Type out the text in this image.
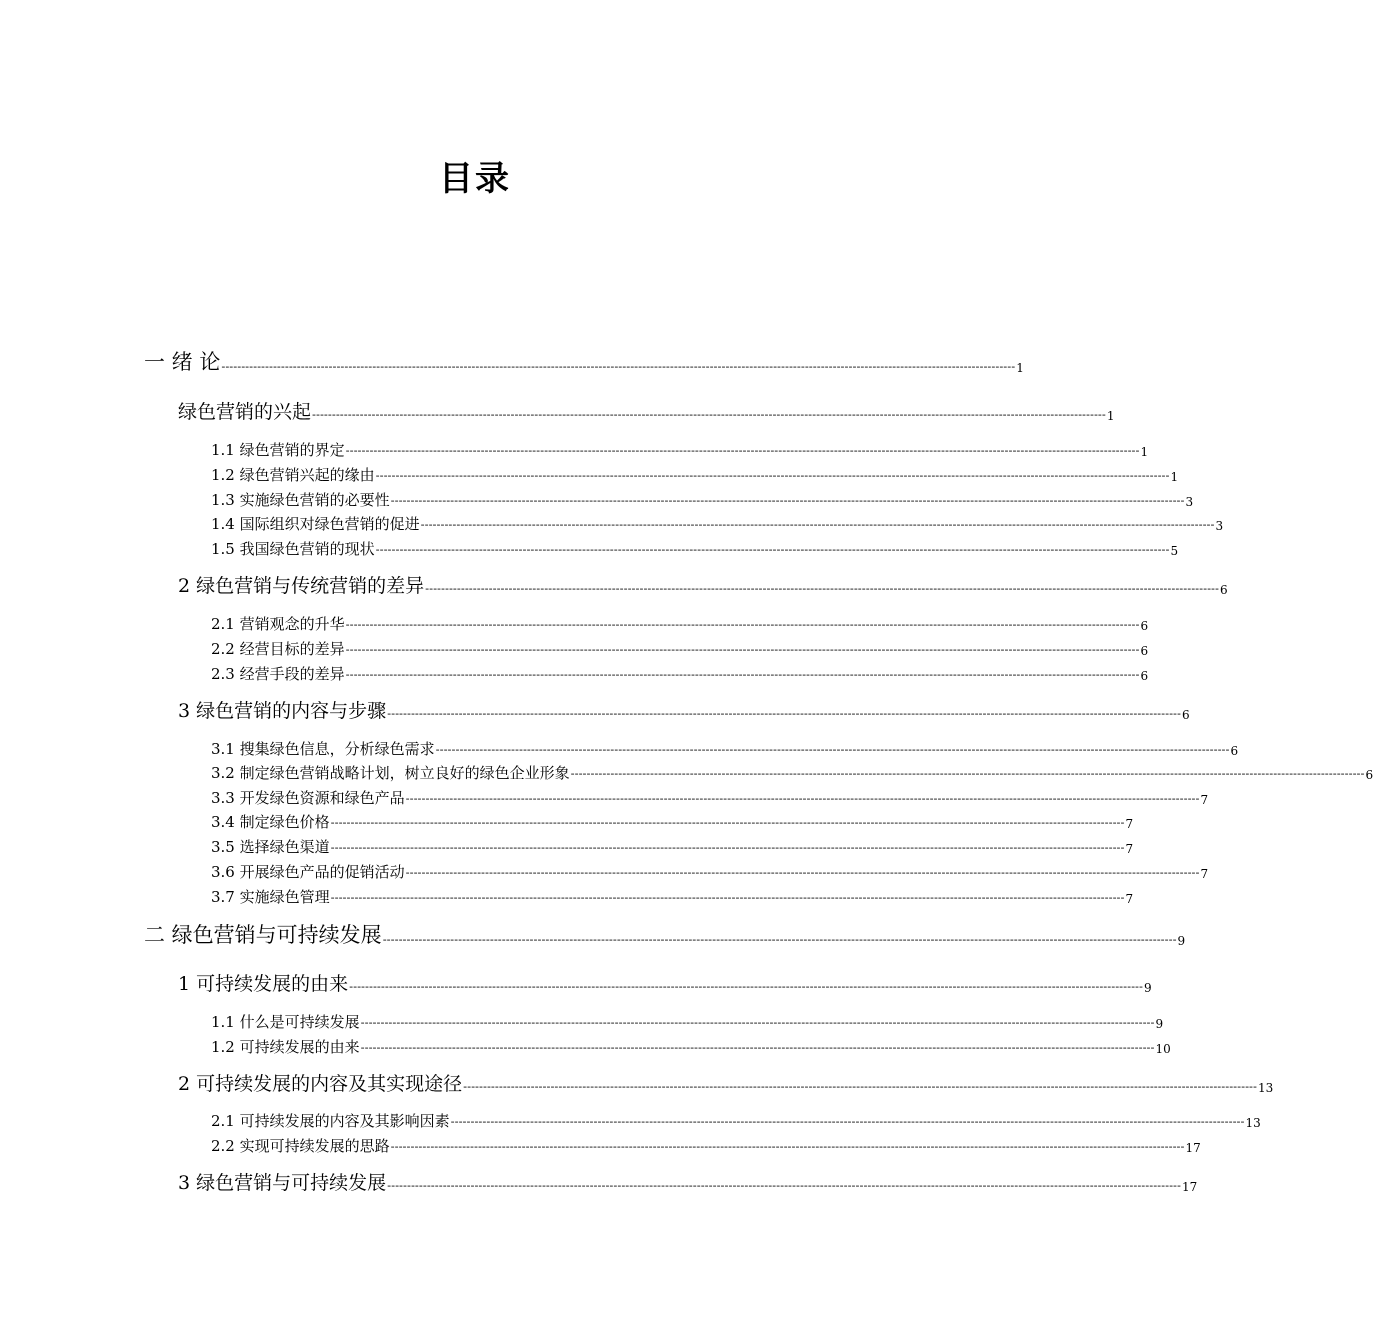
目录
一 绪 论 -------------------------------------------------------------------------------------------------------------------------------------------------------------------------------------------------------- 1
绿色营销的兴起 -------------------------------------------------------------------------------------------------------------------------------------------------------------------------------------------------------- 1
1.1 绿色营销的界定 -------------------------------------------------------------------------------------------------------------------------------------------------------------------------------------------------------- 1
1.2 绿色营销兴起的缘由 -------------------------------------------------------------------------------------------------------------------------------------------------------------------------------------------------------- 1
1.3 实施绿色营销的必要性 -------------------------------------------------------------------------------------------------------------------------------------------------------------------------------------------------------- 3
1.4 国际组织对绿色营销的促进 -------------------------------------------------------------------------------------------------------------------------------------------------------------------------------------------------------- 3
1.5 我国绿色营销的现状 -------------------------------------------------------------------------------------------------------------------------------------------------------------------------------------------------------- 5
2 绿色营销与传统营销的差异 -------------------------------------------------------------------------------------------------------------------------------------------------------------------------------------------------------- 6
2.1 营销观念的升华 -------------------------------------------------------------------------------------------------------------------------------------------------------------------------------------------------------- 6
2.2 经营目标的差异 -------------------------------------------------------------------------------------------------------------------------------------------------------------------------------------------------------- 6
2.3 经营手段的差异 -------------------------------------------------------------------------------------------------------------------------------------------------------------------------------------------------------- 6
3 绿色营销的内容与步骤 -------------------------------------------------------------------------------------------------------------------------------------------------------------------------------------------------------- 6
3.1 搜集绿色信息，分析绿色需求 -------------------------------------------------------------------------------------------------------------------------------------------------------------------------------------------------------- 6
3.2 制定绿色营销战略计划，树立良好的绿色企业形象 -------------------------------------------------------------------------------------------------------------------------------------------------------------------------------------------------------- 6
3.3 开发绿色资源和绿色产品 -------------------------------------------------------------------------------------------------------------------------------------------------------------------------------------------------------- 7
3.4 制定绿色价格 -------------------------------------------------------------------------------------------------------------------------------------------------------------------------------------------------------- 7
3.5 选择绿色渠道 -------------------------------------------------------------------------------------------------------------------------------------------------------------------------------------------------------- 7
3.6 开展绿色产品的促销活动 -------------------------------------------------------------------------------------------------------------------------------------------------------------------------------------------------------- 7
3.7 实施绿色管理 -------------------------------------------------------------------------------------------------------------------------------------------------------------------------------------------------------- 7
二 绿色营销与可持续发展 -------------------------------------------------------------------------------------------------------------------------------------------------------------------------------------------------------- 9
1 可持续发展的由来 -------------------------------------------------------------------------------------------------------------------------------------------------------------------------------------------------------- 9
1.1 什么是可持续发展 -------------------------------------------------------------------------------------------------------------------------------------------------------------------------------------------------------- 9
1.2 可持续发展的由来 -------------------------------------------------------------------------------------------------------------------------------------------------------------------------------------------------------- 10
2 可持续发展的内容及其实现途径 -------------------------------------------------------------------------------------------------------------------------------------------------------------------------------------------------------- 13
2.1 可持续发展的内容及其影响因素 -------------------------------------------------------------------------------------------------------------------------------------------------------------------------------------------------------- 13
2.2 实现可持续发展的思路 -------------------------------------------------------------------------------------------------------------------------------------------------------------------------------------------------------- 17
3 绿色营销与可持续发展 -------------------------------------------------------------------------------------------------------------------------------------------------------------------------------------------------------- 17
